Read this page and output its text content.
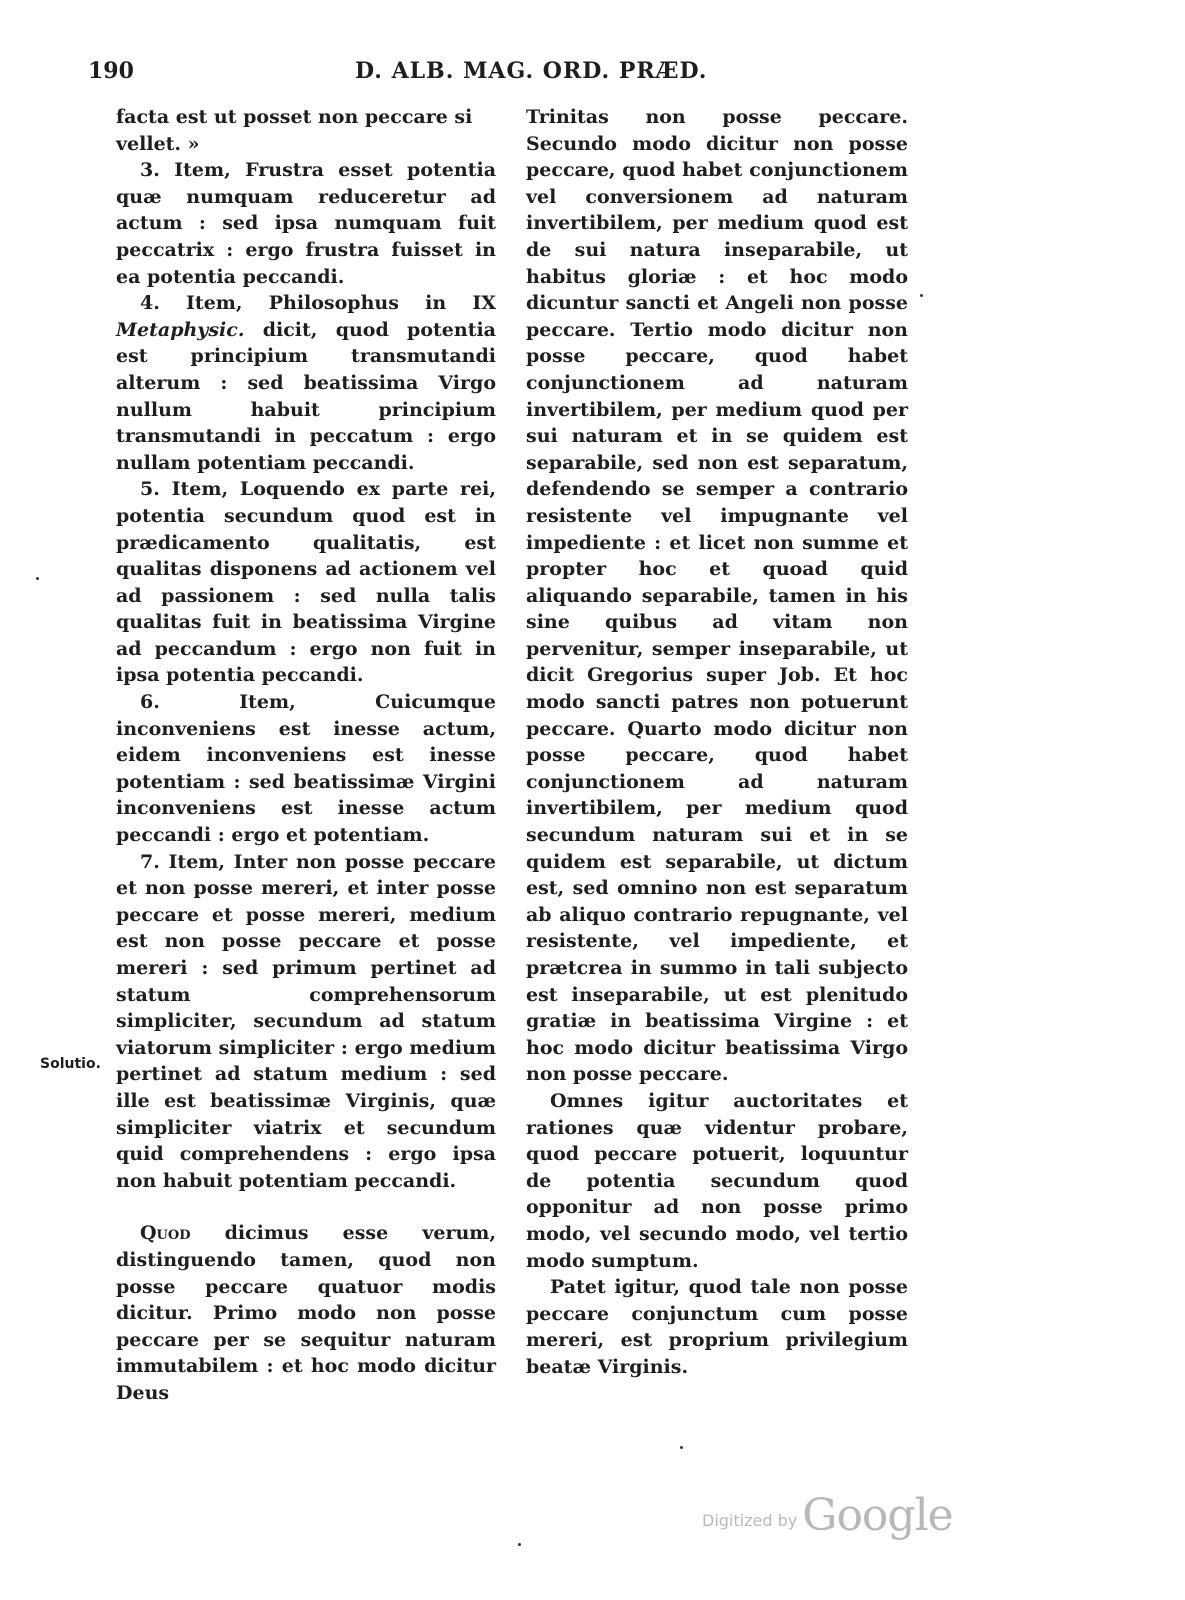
190	D. ALB. MAG. ORD. PRÆD.

facta est ut posset non peccare si vellet. »

3. Item, Frustra esset potentia quæ numquam reduceretur ad actum : sed ipsa numquam fuit peccatrix : ergo frustra fuisset in ea potentia peccandi.

4. Item, Philosophus in IX Metaphysic. dicit, quod potentia est principium transmutandi alterum : sed beatissima Virgo nullum habuit principium transmutandi in peccatum : ergo nullam potentiam peccandi.

5. Item, Loquendo ex parte rei, potentia secundum quod est in prædicamento qualitatis, est qualitas disponens ad actionem vel ad passionem : sed nulla talis qualitas fuit in beatissima Virgine ad peccandum : ergo non fuit in ipsa potentia peccandi.

6. Item, Cuicumque inconveniens est inesse actum, eidem inconveniens est inesse potentiam : sed beatissimæ Virgini inconveniens est inesse actum peccandi : ergo et potentiam.

7. Item, Inter non posse peccare et non posse mereri, et inter posse peccare et posse mereri, medium est non posse peccare et posse mereri : sed primum pertinet ad statum comprehensorum simpliciter, secundum ad statum viatorum simpliciter : ergo medium pertinet ad statum medium : sed ille est beatissimæ Virginis, quæ simpliciter viatrix et secundum quid comprehendens : ergo ipsa non habuit potentiam peccandi.

Quod dicimus esse verum, distinguendo tamen, quod non posse peccare quatuor modis dicitur. Primo modo non posse peccare per se sequitur naturam immutabilem : et hoc modo dicitur Deus

Solutio.

Trinitas non posse peccare. Secundo modo dicitur non posse peccare, quod habet conjunctionem vel conversionem ad naturam invertibilem, per medium quod est de sui natura inseparabile, ut habitus gloriæ : et hoc modo dicuntur sancti et Angeli non posse peccare. Tertio modo dicitur non posse peccare, quod habet conjunctionem ad naturam invertibilem, per medium quod per sui naturam et in se quidem est separabile, sed non est separatum, defendendo se semper a contrario resistente vel impugnante vel impediente : et licet non summe et propter hoc et quoad quid aliquando separabile, tamen in his sine quibus ad vitam non pervenitur, semper inseparabile, ut dicit Gregorius super Job. Et hoc modo sancti patres non potuerunt peccare. Quarto modo dicitur non posse peccare, quod habet conjunctionem ad naturam invertibilem, per medium quod secundum naturam sui et in se quidem est separabile, ut dictum est, sed omnino non est separatum ab aliquo contrario repugnante, vel resistente, vel impediente, et prætcrea in summo in tali subjecto est inseparabile, ut est plenitudo gratiæ in beatissima Virgine : et hoc modo dicitur beatissima Virgo non posse peccare.

Omnes igitur auctoritates et rationes quæ videntur probare, quod peccare potuerit, loquuntur de potentia secundum quod opponitur ad non posse primo modo, vel secundo modo, vel tertio modo sumptum.

Patet igitur, quod tale non posse peccare conjunctum cum posse mereri, est proprium privilegium beatæ Virginis.

Digitized by Google
